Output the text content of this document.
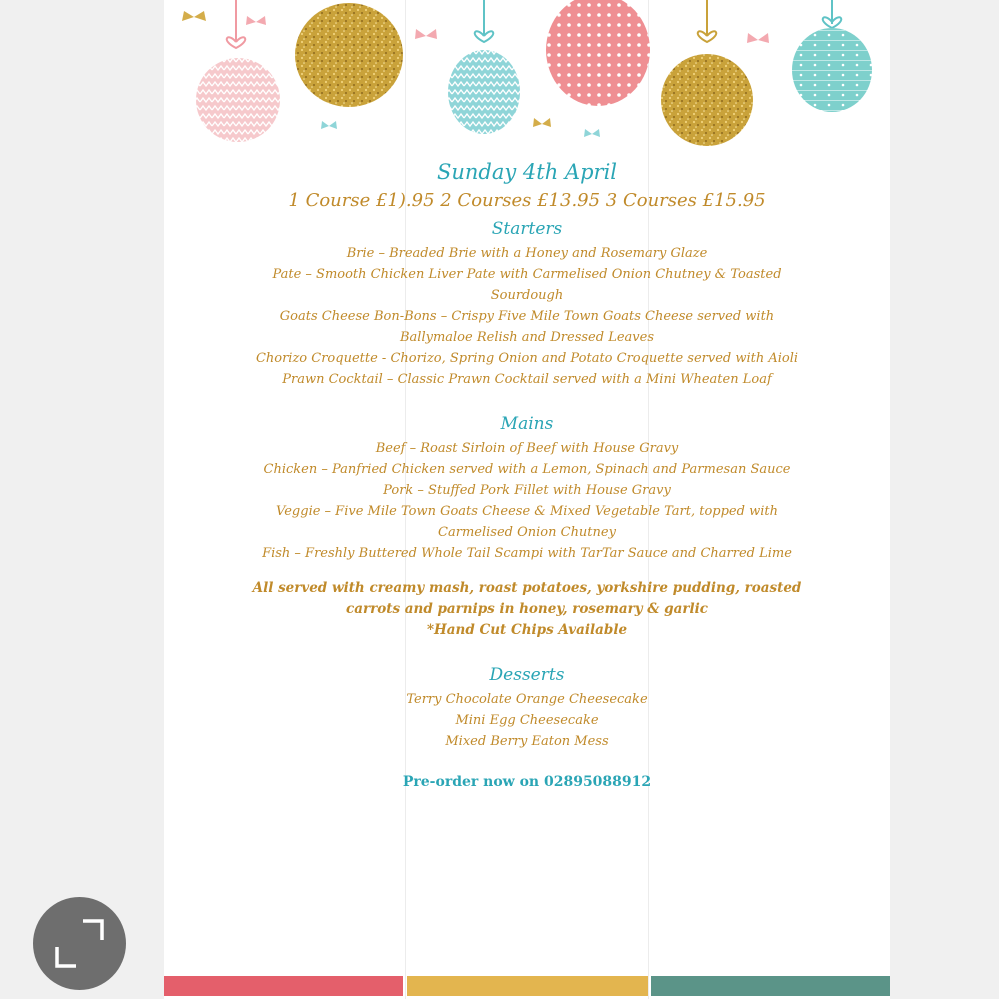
Sunday 4th April
1 Course £1).95 2 Courses £13.95 3 Courses £15.95
Starters
Brie – Breaded Brie with a Honey and Rosemary Glaze
Pate – Smooth Chicken Liver Pate with Carmelised Onion Chutney & Toasted Sourdough
Goats Cheese Bon-Bons – Crispy Five Mile Town Goats Cheese served with Ballymaloe Relish and Dressed Leaves
Chorizo Croquette - Chorizo, Spring Onion and Potato Croquette served with Aioli
Prawn Cocktail – Classic Prawn Cocktail served with a Mini Wheaten Loaf
Mains
Beef – Roast Sirloin of Beef with House Gravy
Chicken – Panfried Chicken served with a Lemon, Spinach and Parmesan Sauce
Pork – Stuffed Pork Fillet with House Gravy
Veggie – Five Mile Town Goats Cheese & Mixed Vegetable Tart, topped with Carmelised Onion Chutney
Fish – Freshly Buttered Whole Tail Scampi with TarTar Sauce and Charred Lime
All served with creamy mash, roast potatoes, yorkshire pudding, roasted carrots and parnips in honey, rosemary & garlic
*Hand Cut Chips Available
Desserts
Terry Chocolate Orange Cheesecake
Mini Egg Cheesecake
Mixed Berry Eaton Mess
Pre-order now on 02895088912
